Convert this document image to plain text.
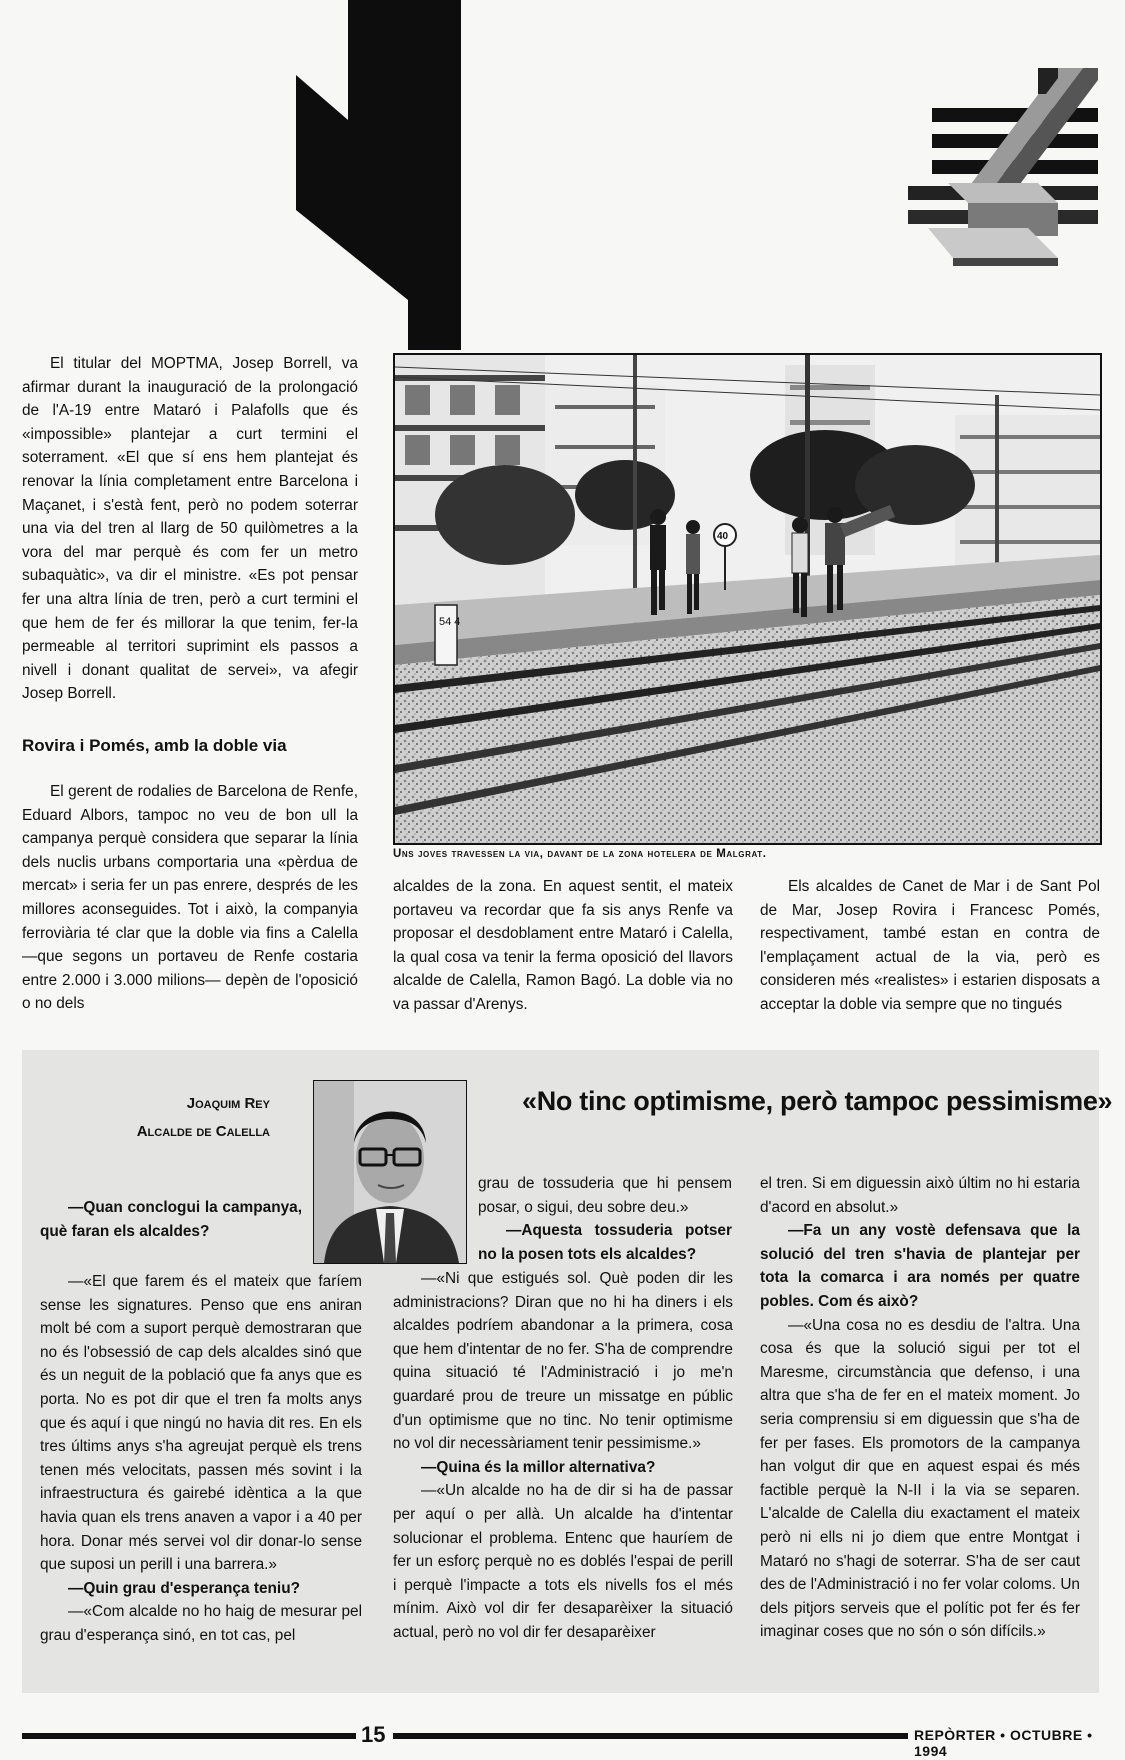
El titular del MOPTMA, Josep Borrell, va afirmar durant la inauguració de la prolongació de l'A-19 entre Mataró i Palafolls que és «impossible» plantejar a curt termini el soterrament. «El que sí ens hem plantejat és renovar la línia completament entre Barcelona i Maçanet, i s'està fent, però no podem soterrar una via del tren al llarg de 50 quilòmetres a la vora del mar perquè és com fer un metro subaquàtic», va dir el ministre. «Es pot pensar fer una altra línia de tren, però a curt termini el que hem de fer és millorar la que tenim, fer-la permeable al territori suprimint els passos a nivell i donant qualitat de servei», va afegir Josep Borrell.

Rovira i Pomés, amb la doble via

El gerent de rodalies de Barcelona de Renfe, Eduard Albors, tampoc no veu de bon ull la campanya perquè considera que separar la línia dels nuclis urbans comportaria una «pèrdua de mercat» i seria fer un pas enrere, després de les millores aconseguides. Tot i això, la companyia ferroviària té clar que la doble via fins a Calella —que segons un portaveu de Renfe costaria entre 2.000 i 3.000 milions— depèn de l'oposició o no dels

54 4
40
Uns joves travessen la via, davant de la zona hotelera de Malgrat.

alcaldes de la zona. En aquest sentit, el mateix portaveu va recordar que fa sis anys Renfe va proposar el desdoblament entre Mataró i Calella, la qual cosa va tenir la ferma oposició del llavors alcalde de Calella, Ramon Bagó. La doble via no va passar d'Arenys.

Els alcaldes de Canet de Mar i de Sant Pol de Mar, Josep Rovira i Francesc Pomés, respectivament, també estan en contra de l'emplaçament actual de la via, però es consideren més «realistes» i estarien disposats a acceptar la doble via sempre que no tingués

Joaquim Rey
Alcalde de Calella
«No tinc optimisme, però tampoc pessimisme»

—Quan conclogui la campanya, què faran els alcaldes?

—«El que farem és el mateix que faríem sense les signatures. Penso que ens aniran molt bé com a suport perquè demostraran que no és l'obsessió de cap dels alcaldes sinó que és un neguit de la població que fa anys que es porta. No es pot dir que el tren fa molts anys que és aquí i que ningú no havia dit res. En els tres últims anys s'ha agreujat perquè els trens tenen més velocitats, passen més sovint i la infraestructura és gairebé idèntica a la que havia quan els trens anaven a vapor i a 40 per hora. Donar més servei vol dir donar-lo sense que suposi un perill i una barrera.»

—Quin grau d'esperança teniu?

—«Com alcalde no ho haig de mesurar pel grau d'esperança sinó, en tot cas, pel

grau de tossuderia que hi pensem posar, o sigui, deu sobre deu.»

—Aquesta tossuderia potser no la posen tots els alcaldes?

—«Ni que estigués sol. Què poden dir les administracions? Diran que no hi ha diners i els alcaldes podríem abandonar a la primera, cosa que hem d'intentar de no fer. S'ha de comprendre quina situació té l'Administració i jo me'n guardaré prou de treure un missatge en públic d'un optimisme que no tinc. No tenir optimisme no vol dir necessàriament tenir pessimisme.»

—Quina és la millor alternativa?

—«Un alcalde no ha de dir si ha de passar per aquí o per allà. Un alcalde ha d'intentar solucionar el problema. Entenc que hauríem de fer un esforç perquè no es doblés l'espai de perill i perquè l'impacte a tots els nivells fos el més mínim. Això vol dir fer desaparèixer la situació actual, però no vol dir fer desaparèixer

el tren. Si em diguessin això últim no hi estaria d'acord en absolut.»

—Fa un any vostè defensava que la solució del tren s'havia de plantejar per tota la comarca i ara només per quatre pobles. Com és això?

—«Una cosa no es desdiu de l'altra. Una cosa és que la solució sigui per tot el Maresme, circumstància que defenso, i una altra que s'ha de fer en el mateix moment. Jo seria comprensiu si em diguessin que s'ha de fer per fases. Els promotors de la campanya han volgut dir que en aquest espai és més factible perquè la N-II i la via se separen. L'alcalde de Calella diu exactament el mateix però ni ells ni jo diem que entre Montgat i Mataró no s'hagi de soterrar. S'ha de ser caut des de l'Administració i no fer volar coloms. Un dels pitjors serveis que el polític pot fer és fer imaginar coses que no són o són difícils.»

15	REPÒRTER • OCTUBRE • 1994
